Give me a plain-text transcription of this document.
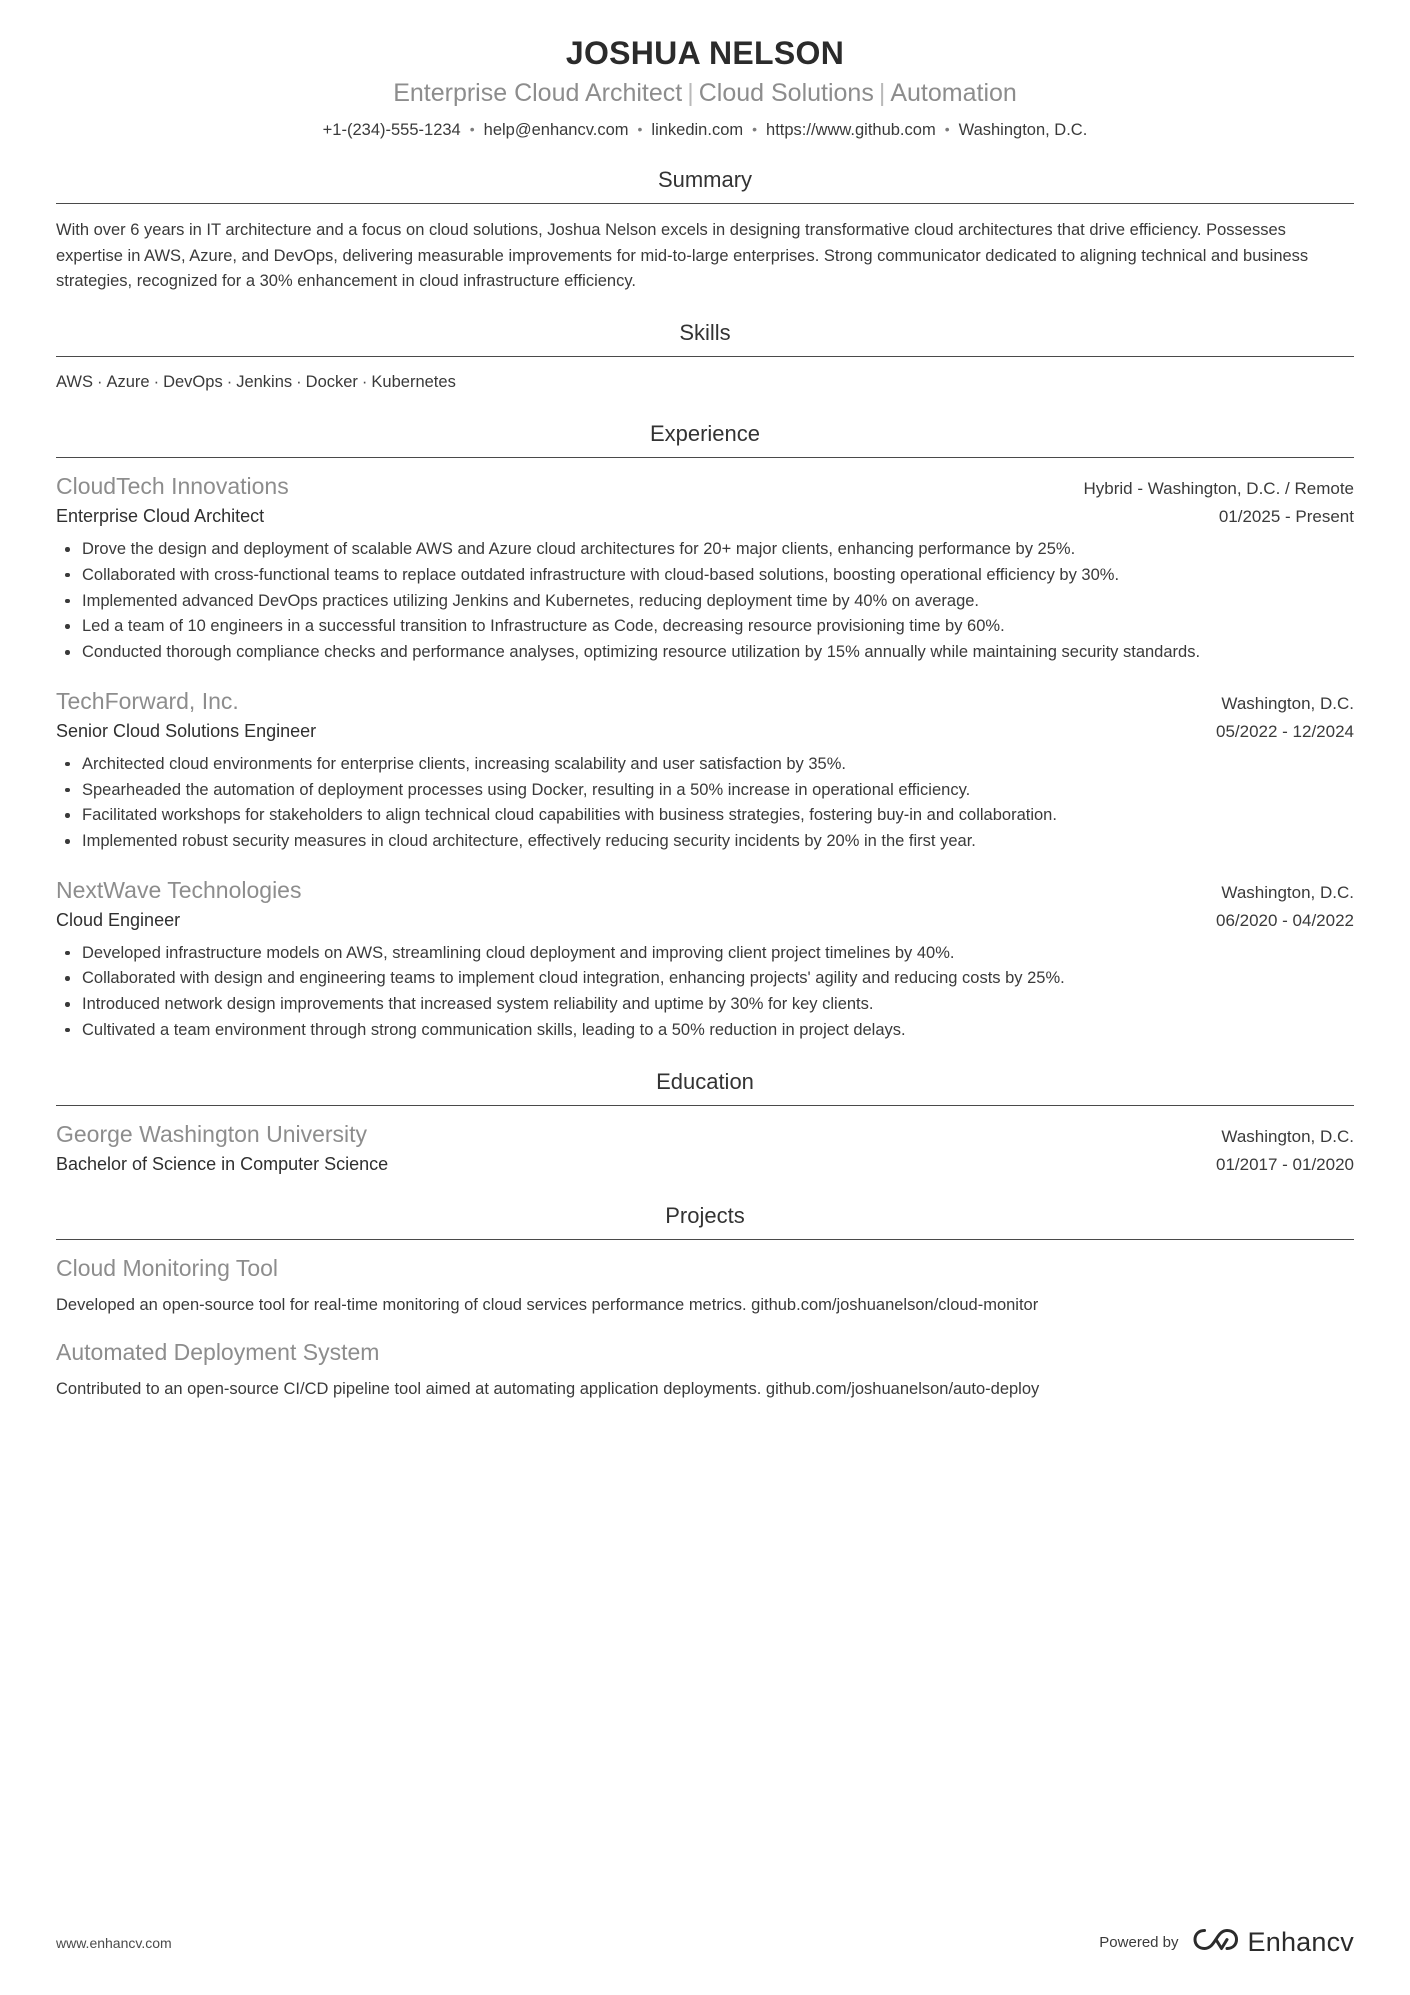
JOSHUA NELSON
Enterprise Cloud Architect | Cloud Solutions | Automation
+1-(234)-555-1234 • help@enhancv.com • linkedin.com • https://www.github.com • Washington, D.C.
Summary

With over 6 years in IT architecture and a focus on cloud solutions, Joshua Nelson excels in designing transformative cloud architectures that drive efficiency. Possesses expertise in AWS, Azure, and DevOps, delivering measurable improvements for mid-to-large enterprises. Strong communicator dedicated to aligning technical and business strategies, recognized for a 30% enhancement in cloud infrastructure efficiency.

Skills
AWS · Azure · DevOps · Jenkins · Docker · Kubernetes
Experience
CloudTech Innovations	Hybrid - Washington, D.C. / Remote
Enterprise Cloud Architect	01/2025 - Present
Drove the design and deployment of scalable AWS and Azure cloud architectures for 20+ major clients, enhancing performance by 25%.
Collaborated with cross-functional teams to replace outdated infrastructure with cloud-based solutions, boosting operational efficiency by 30%.
Implemented advanced DevOps practices utilizing Jenkins and Kubernetes, reducing deployment time by 40% on average.
Led a team of 10 engineers in a successful transition to Infrastructure as Code, decreasing resource provisioning time by 60%.
Conducted thorough compliance checks and performance analyses, optimizing resource utilization by 15% annually while maintaining security standards.
TechForward, Inc.	Washington, D.C.
Senior Cloud Solutions Engineer	05/2022 - 12/2024
Architected cloud environments for enterprise clients, increasing scalability and user satisfaction by 35%.
Spearheaded the automation of deployment processes using Docker, resulting in a 50% increase in operational efficiency.
Facilitated workshops for stakeholders to align technical cloud capabilities with business strategies, fostering buy-in and collaboration.
Implemented robust security measures in cloud architecture, effectively reducing security incidents by 20% in the first year.
NextWave Technologies	Washington, D.C.
Cloud Engineer	06/2020 - 04/2022
Developed infrastructure models on AWS, streamlining cloud deployment and improving client project timelines by 40%.
Collaborated with design and engineering teams to implement cloud integration, enhancing projects' agility and reducing costs by 25%.
Introduced network design improvements that increased system reliability and uptime by 30% for key clients.
Cultivated a team environment through strong communication skills, leading to a 50% reduction in project delays.
Education
George Washington University	Washington, D.C.
Bachelor of Science in Computer Science	01/2017 - 01/2020
Projects
Cloud Monitoring Tool
Developed an open-source tool for real-time monitoring of cloud services performance metrics. github.com/joshuanelson/cloud-monitor
Automated Deployment System
Contributed to an open-source CI/CD pipeline tool aimed at automating application deployments. github.com/joshuanelson/auto-deploy
www.enhancv.com	Powered by	Enhancv
